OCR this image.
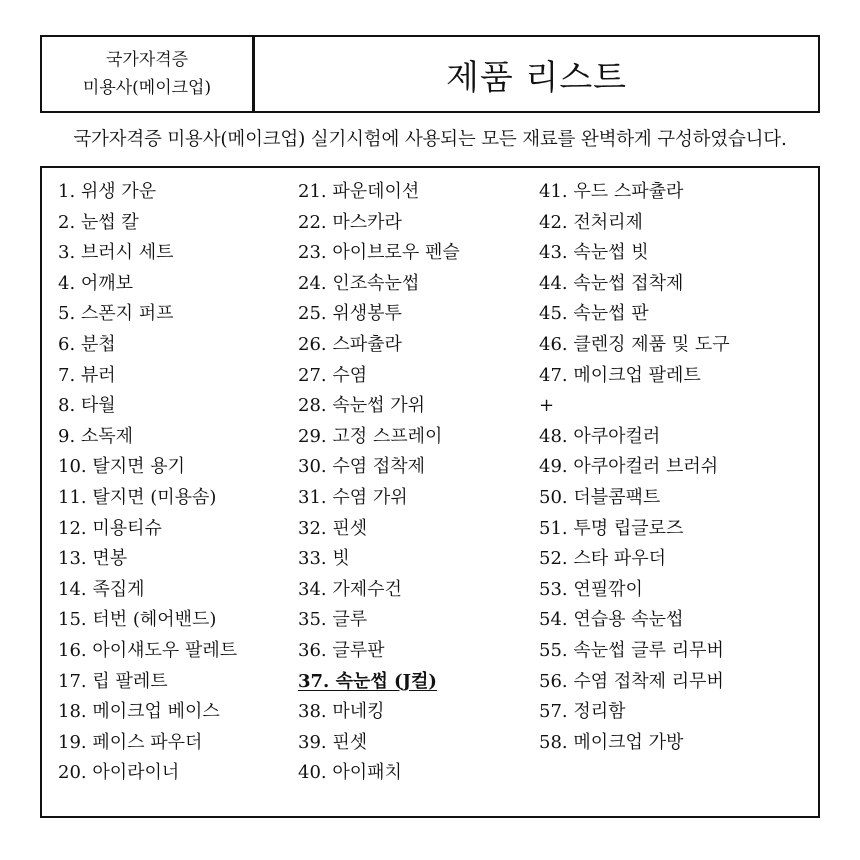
국가자격증
미용사(메이크업)	제품 리스트
국가자격증 미용사(메이크업) 실기시험에 사용되는 모든 재료를 완벽하게 구성하였습니다.
1. 위생 가운
2. 눈썹 칼
3. 브러시 세트
4. 어깨보
5. 스폰지 퍼프
6. 분첩
7. 뷰러
8. 타월
9. 소독제
10. 탈지면 용기
11. 탈지면 (미용솜)
12. 미용티슈
13. 면봉
14. 족집게
15. 터번 (헤어밴드)
16. 아이섀도우 팔레트
17. 립 팔레트
18. 메이크업 베이스
19. 페이스 파우더
20. 아이라이너
21. 파운데이션
22. 마스카라
23. 아이브로우 펜슬
24. 인조속눈썹
25. 위생봉투
26. 스파츌라
27. 수염
28. 속눈썹 가위
29. 고정 스프레이
30. 수염 접착제
31. 수염 가위
32. 핀셋
33. 빗
34. 가제수건
35. 글루
36. 글루판
37. 속눈썹 (J컬)
38. 마네킹
39. 핀셋
40. 아이패치
41. 우드 스파츌라
42. 전처리제
43. 속눈썹 빗
44. 속눈썹 접착제
45. 속눈썹 판
46. 클렌징 제품 및 도구
47. 메이크업 팔레트
+
48. 아쿠아컬러
49. 아쿠아컬러 브러쉬
50. 더블콤팩트
51. 투명 립글로즈
52. 스타 파우더
53. 연필깎이
54. 연습용 속눈썹
55. 속눈썹 글루 리무버
56. 수염 접착제 리무버
57. 정리함
58. 메이크업 가방
